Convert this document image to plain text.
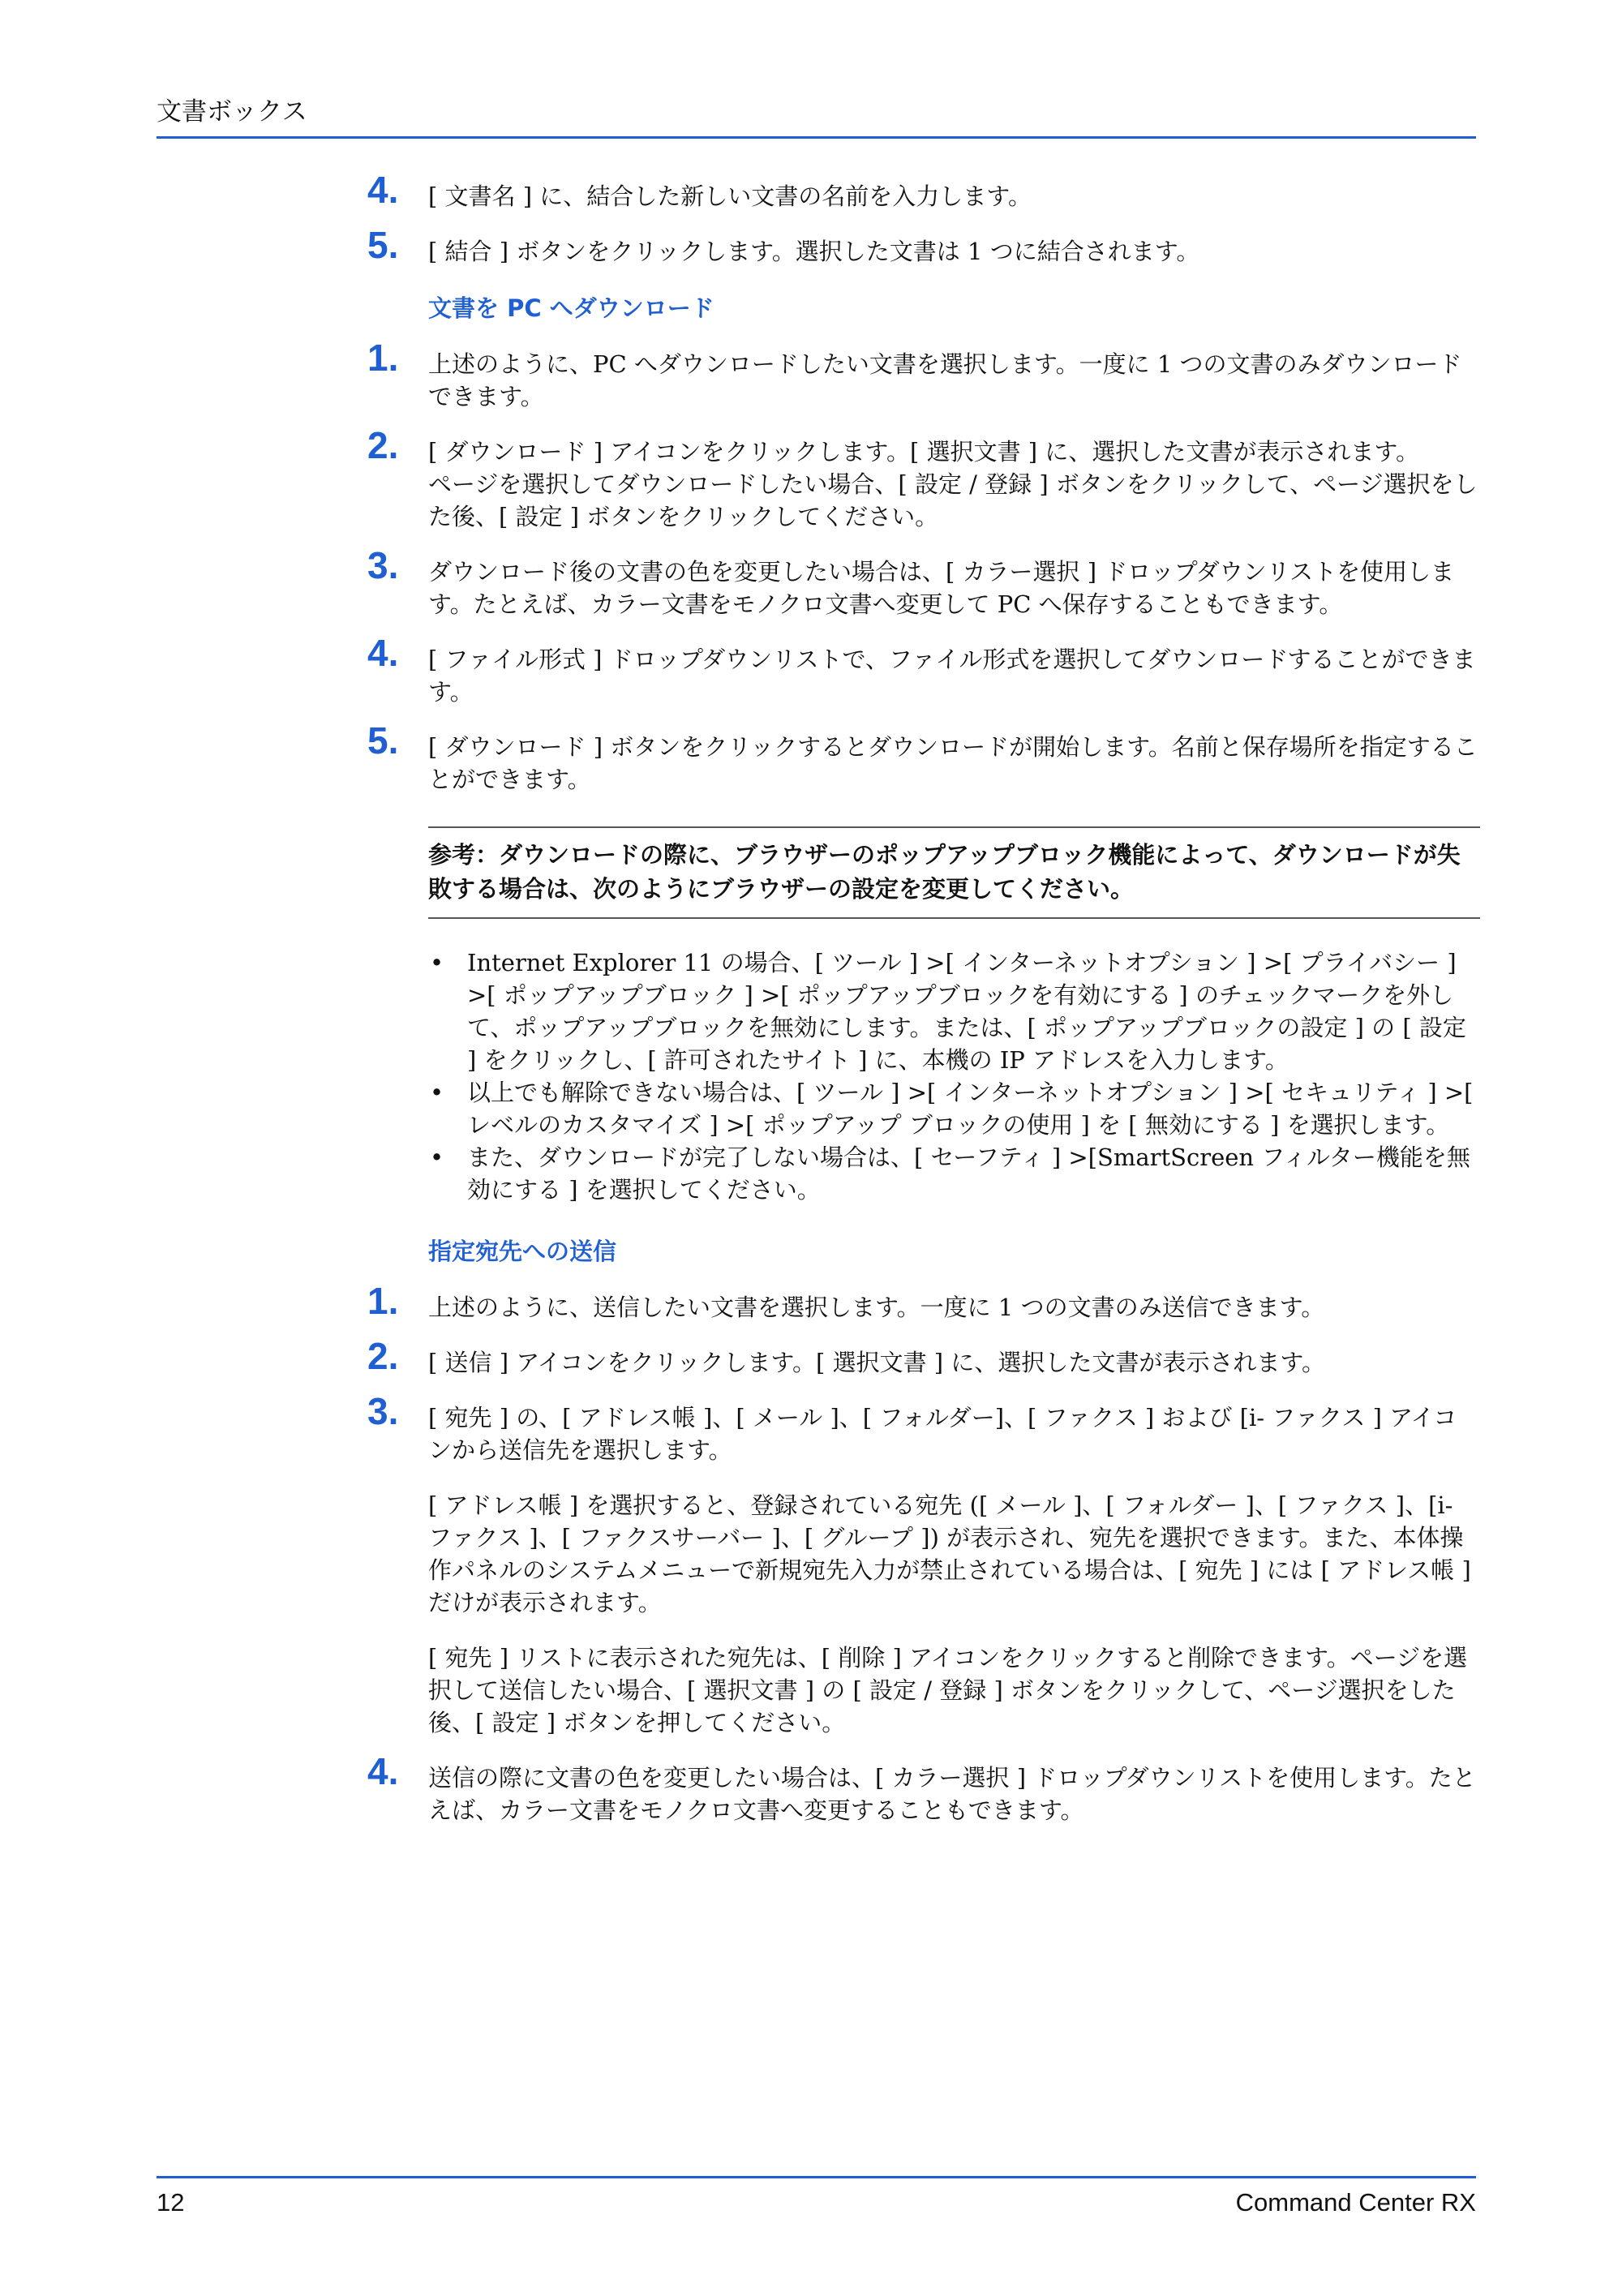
文書ボックス
4. [ 文書名 ] に、結合した新しい文書の名前を入力します。

5. [ 結合 ] ボタンをクリックします。選択した文書は 1 つに結合されます。

文書を PC へダウンロード
1. 上述のように、PC へダウンロードしたい文書を選択します。一度に 1 つの文書のみダウンロードできます。

2. [ ダウンロード ] アイコンをクリックします。[ 選択文書 ] に、選択した文書が表示されます。

ページを選択してダウンロードしたい場合、[ 設定 / 登録 ] ボタンをクリックして、ページ選択をした後、[ 設定 ] ボタンをクリックしてください。

3. ダウンロード後の文書の色を変更したい場合は、[ カラー選択 ] ドロップダウンリストを使用します。たとえば、カラー文書をモノクロ文書へ変更して PC へ保存することもできます。

4. [ ファイル形式 ] ドロップダウンリストで、ファイル形式を選択してダウンロードすることができます。

5. [ ダウンロード ] ボタンをクリックするとダウンロードが開始します。名前と保存場所を指定することができます。

参考：ダウンロードの際に、ブラウザーのポップアップブロック機能によって、ダウンロードが失敗する場合は、次のようにブラウザーの設定を変更してください。
• Internet Explorer 11 の場合、[ ツール ] >[ インターネットオプション ] >[ プライバシー ] >[ ポップアップブロック ] >[ ポップアップブロックを有効にする ] のチェックマークを外して、ポップアップブロックを無効にします。または、[ ポップアップブロックの設定 ] の [ 設定 ] をクリックし、[ 許可されたサイト ] に、本機の IP アドレスを入力します。
• 以上でも解除できない場合は、[ ツール ] >[ インターネットオプション ] >[ セキュリティ ] >[ レベルのカスタマイズ ] >[ ポップアップ ブロックの使用 ] を [ 無効にする ] を選択します。
• また、ダウンロードが完了しない場合は、[ セーフティ ] >[SmartScreen フィルター機能を無効にする ] を選択してください。
指定宛先への送信
1. 上述のように、送信したい文書を選択します。一度に 1 つの文書のみ送信できます。

2. [ 送信 ] アイコンをクリックします。[ 選択文書 ] に、選択した文書が表示されます。

3. [ 宛先 ] の、[ アドレス帳 ]、[ メール ]、[ フォルダー]、[ ファクス ] および [i- ファクス ] アイコンから送信先を選択します。

[ アドレス帳 ] を選択すると、登録されている宛先 ([ メール ]、[ フォルダー ]、[ ファクス ]、[i- ファクス ]、[ ファクスサーバー ]、[ グループ ]) が表示され、宛先を選択できます。また、本体操作パネルのシステムメニューで新規宛先入力が禁止されている場合は、[ 宛先 ] には [ アドレス帳 ] だけが表示されます。

[ 宛先 ] リストに表示された宛先は、[ 削除 ] アイコンをクリックすると削除できます。ページを選択して送信したい場合、[ 選択文書 ] の [ 設定 / 登録 ] ボタンをクリックして、ページ選択をした後、[ 設定 ] ボタンを押してください。

4. 送信の際に文書の色を変更したい場合は、[ カラー選択 ] ドロップダウンリストを使用します。たとえば、カラー文書をモノクロ文書へ変更することもできます。

12	Command Center RX
